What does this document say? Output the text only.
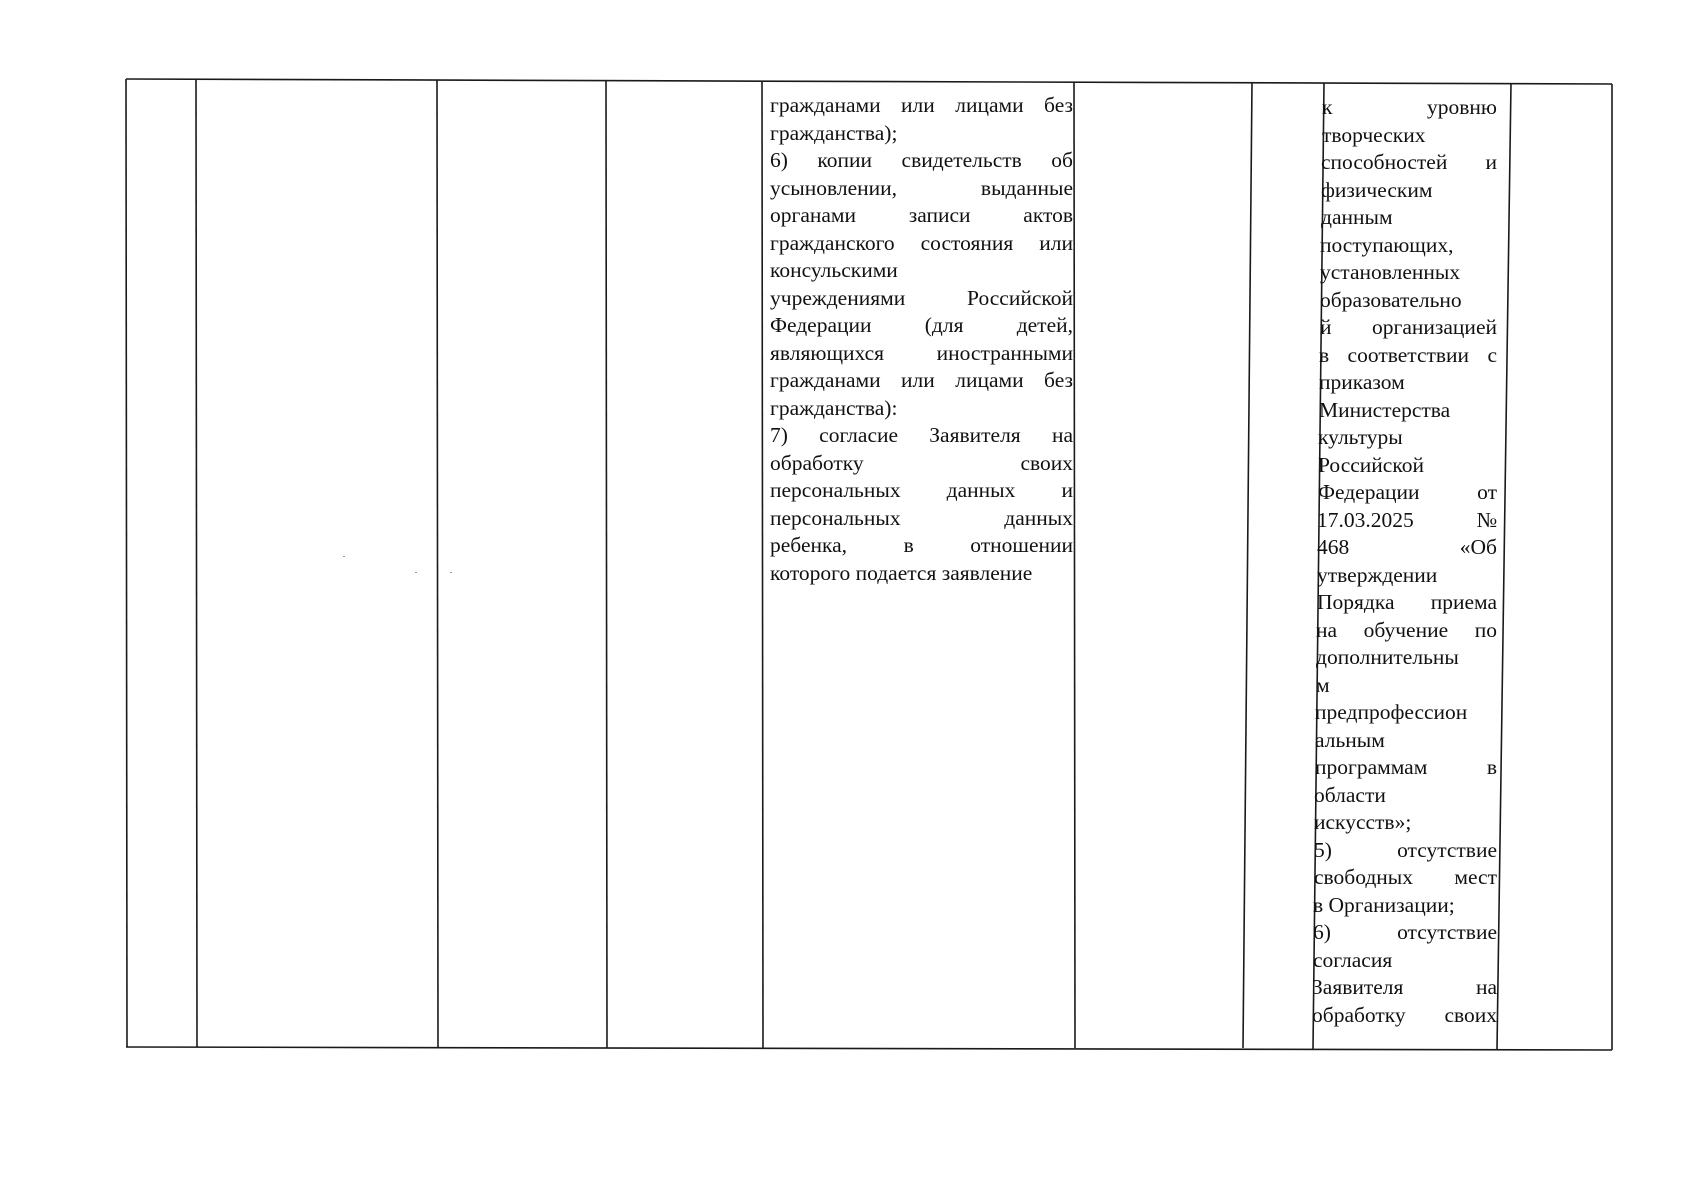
гражданами или лицами без
гражданства);
6) копии свидетельств об
усыновлении, выданные
органами записи актов
гражданского состояния или
консульскими
учреждениями Российской
Федерации (для детей,
являющихся иностранными
гражданами или лицами без
гражданства):
7) согласие Заявителя на
обработку своих
персональных данных и
персональных данных
ребенка, в отношении
которого подается заявление
к уровню
творческих
способностей и
физическим
данным
поступающих,
установленных
образовательно
й организацией
в соответствии с
приказом
Министерства
культуры
Российской
Федерации от
17.03.2025 №
468 «Об
утверждении
Порядка приема
на обучение по
дополнительны
м
предпрофессион
альным
программам в
области
искусств»;
5) отсутствие
свободных мест
в Организации;
6) отсутствие
согласия
Заявителя на
обработку своих
